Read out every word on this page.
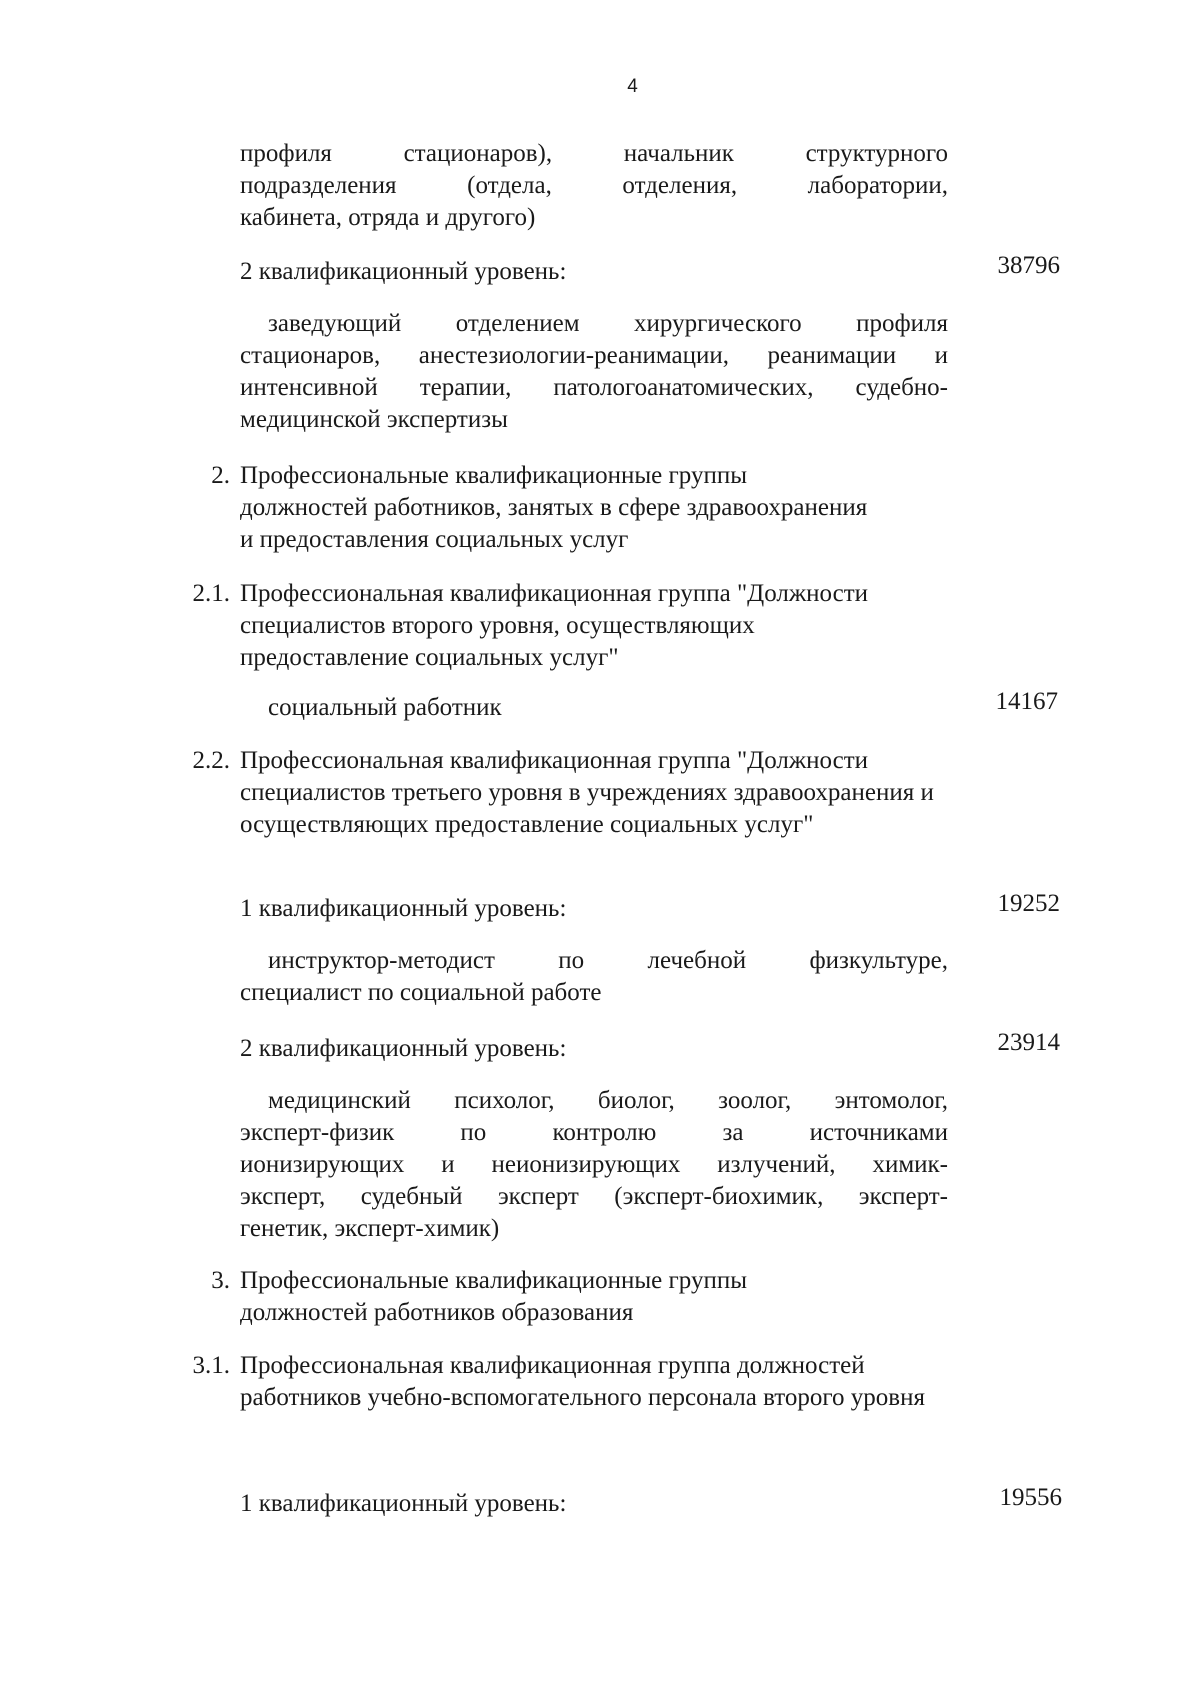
4
профиля стационаров), начальник структурного
подразделения (отдела, отделения, лаборатории,
кабинета, отряда и другого)
2 квалификационный уровень:	38796
заведующий отделением хирургического профиля
стационаров, анестезиологии-реанимации, реанимации и
интенсивной терапии, патологоанатомических, судебно-
медицинской экспертизы
2. Профессиональные квалификационные группы должностей работников, занятых в сфере здравоохранения и предоставления социальных услуг
2.1. Профессиональная квалификационная группа "Должности специалистов второго уровня, осуществляющих предоставление социальных услуг"
социальный работник	14167
2.2. Профессиональная квалификационная группа "Должности специалистов третьего уровня в учреждениях здравоохранения и осуществляющих предоставление социальных услуг"
1 квалификационный уровень:	19252
инструктор-методист по лечебной физкультуре,
специалист по социальной работе
2 квалификационный уровень:	23914
медицинский психолог, биолог, зоолог, энтомолог,
эксперт-физик по контролю за источниками
ионизирующих и неионизирующих излучений, химик-
эксперт, судебный эксперт (эксперт-биохимик, эксперт-
генетик, эксперт-химик)
3. Профессиональные квалификационные группы должностей работников образования
3.1. Профессиональная квалификационная группа должностей работников учебно-вспомогательного персонала второго уровня
1 квалификационный уровень:	19556
